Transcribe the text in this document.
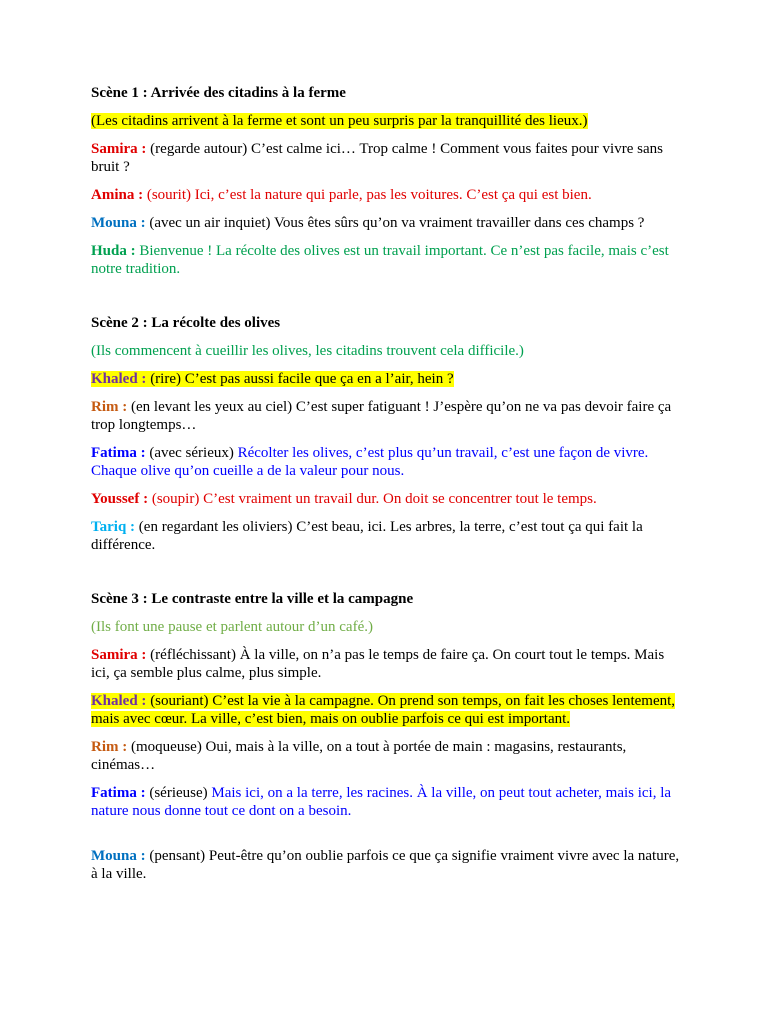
Scène 1 : Arrivée des citadins à la ferme

(Les citadins arrivent à la ferme et sont un peu surpris par la tranquillité des lieux.)

Samira : (regarde autour) C’est calme ici… Trop calme ! Comment vous faites pour vivre sans bruit ?

Amina : (sourit) Ici, c’est la nature qui parle, pas les voitures. C’est ça qui est bien.

Mouna : (avec un air inquiet) Vous êtes sûrs qu’on va vraiment travailler dans ces champs ?

Huda : Bienvenue ! La récolte des olives est un travail important. Ce n’est pas facile, mais c’est notre tradition.

Scène 2 : La récolte des olives

(Ils commencent à cueillir les olives, les citadins trouvent cela difficile.)

Khaled : (rire) C’est pas aussi facile que ça en a l’air, hein ?

Rim : (en levant les yeux au ciel) C’est super fatiguant ! J’espère qu’on ne va pas devoir faire ça trop longtemps…

Fatima : (avec sérieux) Récolter les olives, c’est plus qu’un travail, c’est une façon de vivre. Chaque olive qu’on cueille a de la valeur pour nous.

Youssef : (soupir) C’est vraiment un travail dur. On doit se concentrer tout le temps.

Tariq : (en regardant les oliviers) C’est beau, ici. Les arbres, la terre, c’est tout ça qui fait la différence.

Scène 3 : Le contraste entre la ville et la campagne

(Ils font une pause et parlent autour d’un café.)

Samira : (réfléchissant) À la ville, on n’a pas le temps de faire ça. On court tout le temps. Mais ici, ça semble plus calme, plus simple.

Khaled : (souriant) C’est la vie à la campagne. On prend son temps, on fait les choses lentement, mais avec cœur. La ville, c’est bien, mais on oublie parfois ce qui est important.

Rim : (moqueuse) Oui, mais à la ville, on a tout à portée de main : magasins, restaurants, cinémas…

Fatima : (sérieuse) Mais ici, on a la terre, les racines. À la ville, on peut tout acheter, mais ici, la nature nous donne tout ce dont on a besoin.

Mouna : (pensant) Peut-être qu’on oublie parfois ce que ça signifie vraiment vivre avec la nature, à la ville.
